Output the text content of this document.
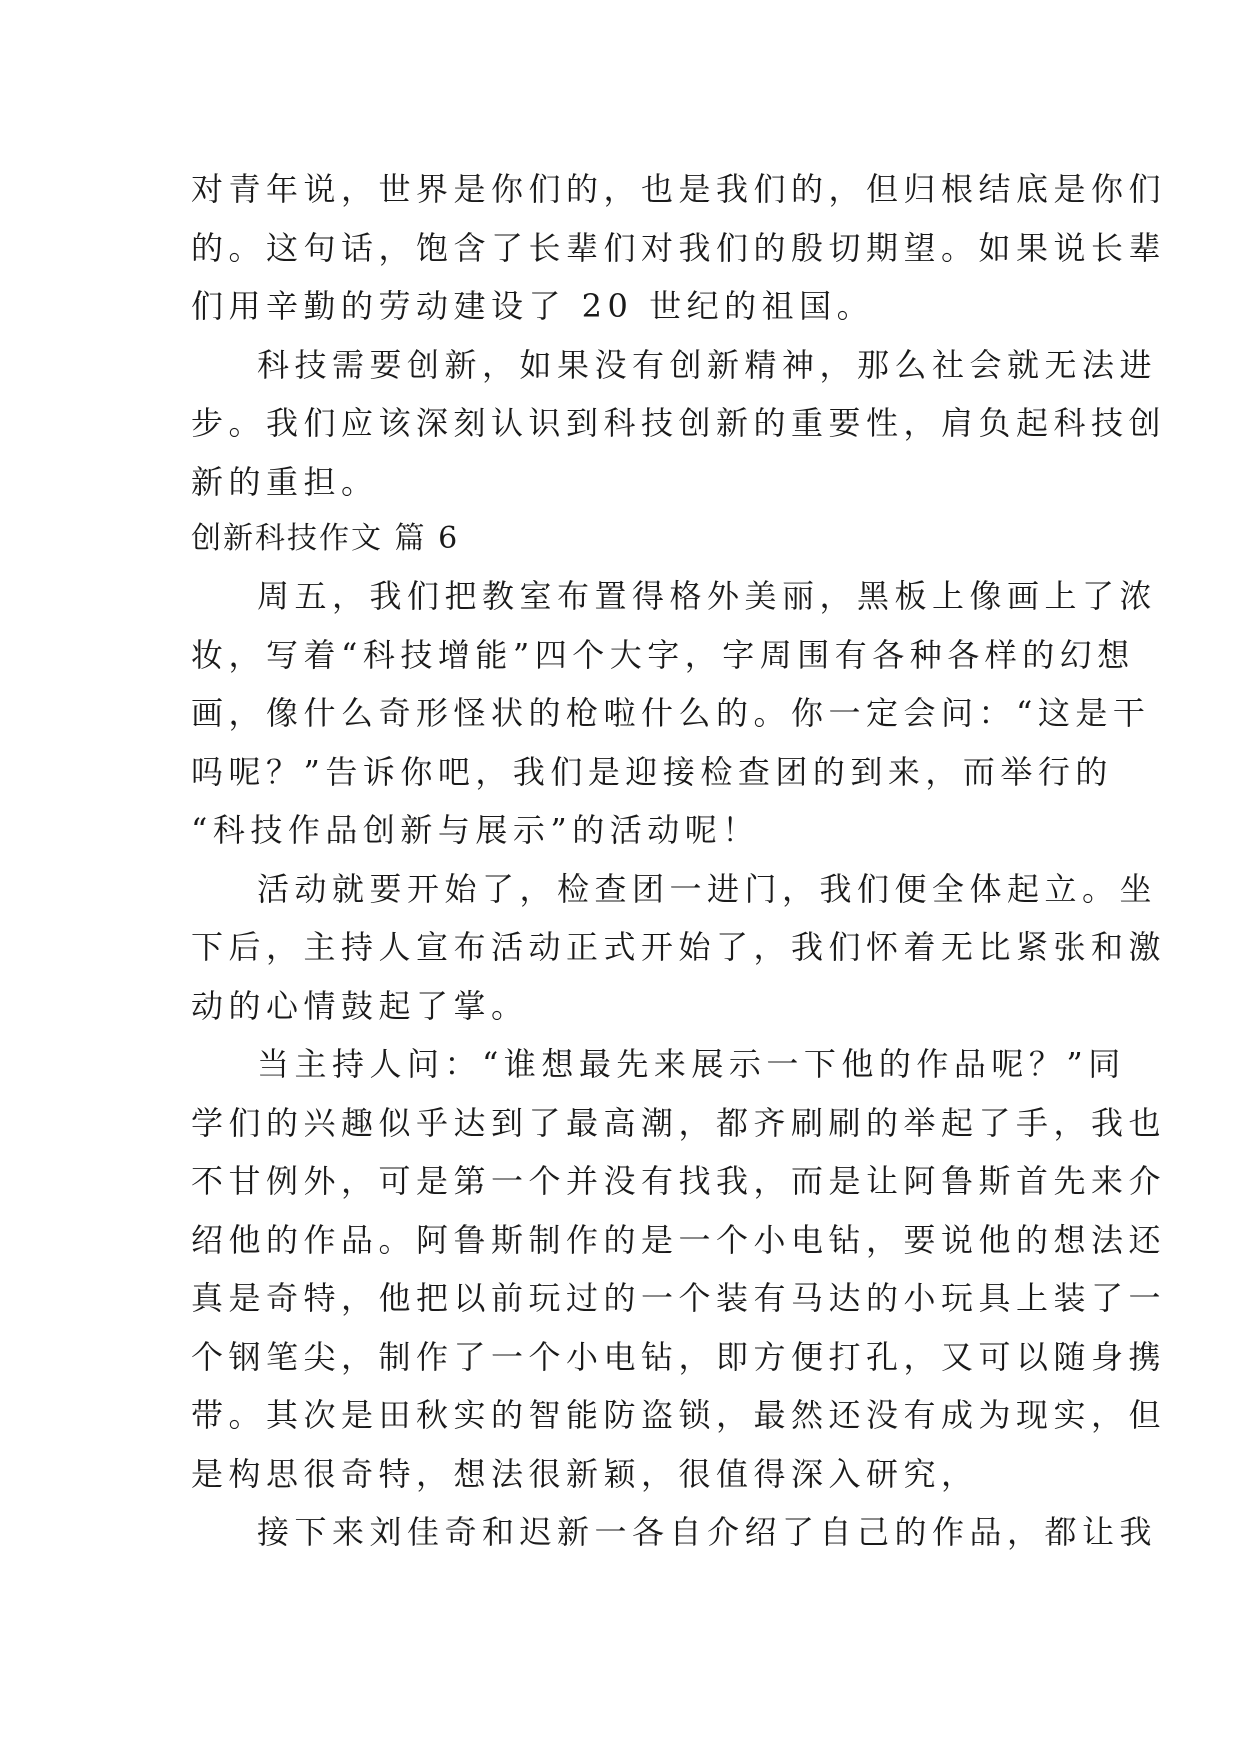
对青年说，世界是你们的，也是我们的，但归根结底是你们
的。这句话，饱含了长辈们对我们的殷切期望。如果说长辈
们用辛勤的劳动建设了 20 世纪的祖国。
科技需要创新，如果没有创新精神，那么社会就无法进
步。我们应该深刻认识到科技创新的重要性，肩负起科技创
新的重担。
创新科技作文 篇 6
周五，我们把教室布置得格外美丽，黑板上像画上了浓
妆，写着“科技增能”四个大字，字周围有各种各样的幻想
画，像什么奇形怪状的枪啦什么的。你一定会问：“这是干
吗呢？”告诉你吧，我们是迎接检查团的到来，而举行的
“科技作品创新与展示”的活动呢！
活动就要开始了，检查团一进门，我们便全体起立。坐
下后，主持人宣布活动正式开始了，我们怀着无比紧张和激
动的心情鼓起了掌。
当主持人问：“谁想最先来展示一下他的作品呢？”同
学们的兴趣似乎达到了最高潮，都齐刷刷的举起了手，我也
不甘例外，可是第一个并没有找我，而是让阿鲁斯首先来介
绍他的作品。阿鲁斯制作的是一个小电钻，要说他的想法还
真是奇特，他把以前玩过的一个装有马达的小玩具上装了一
个钢笔尖，制作了一个小电钻，即方便打孔，又可以随身携
带。其次是田秋实的智能防盗锁，最然还没有成为现实，但
是构思很奇特，想法很新颖，很值得深入研究，
接下来刘佳奇和迟新一各自介绍了自己的作品，都让我
